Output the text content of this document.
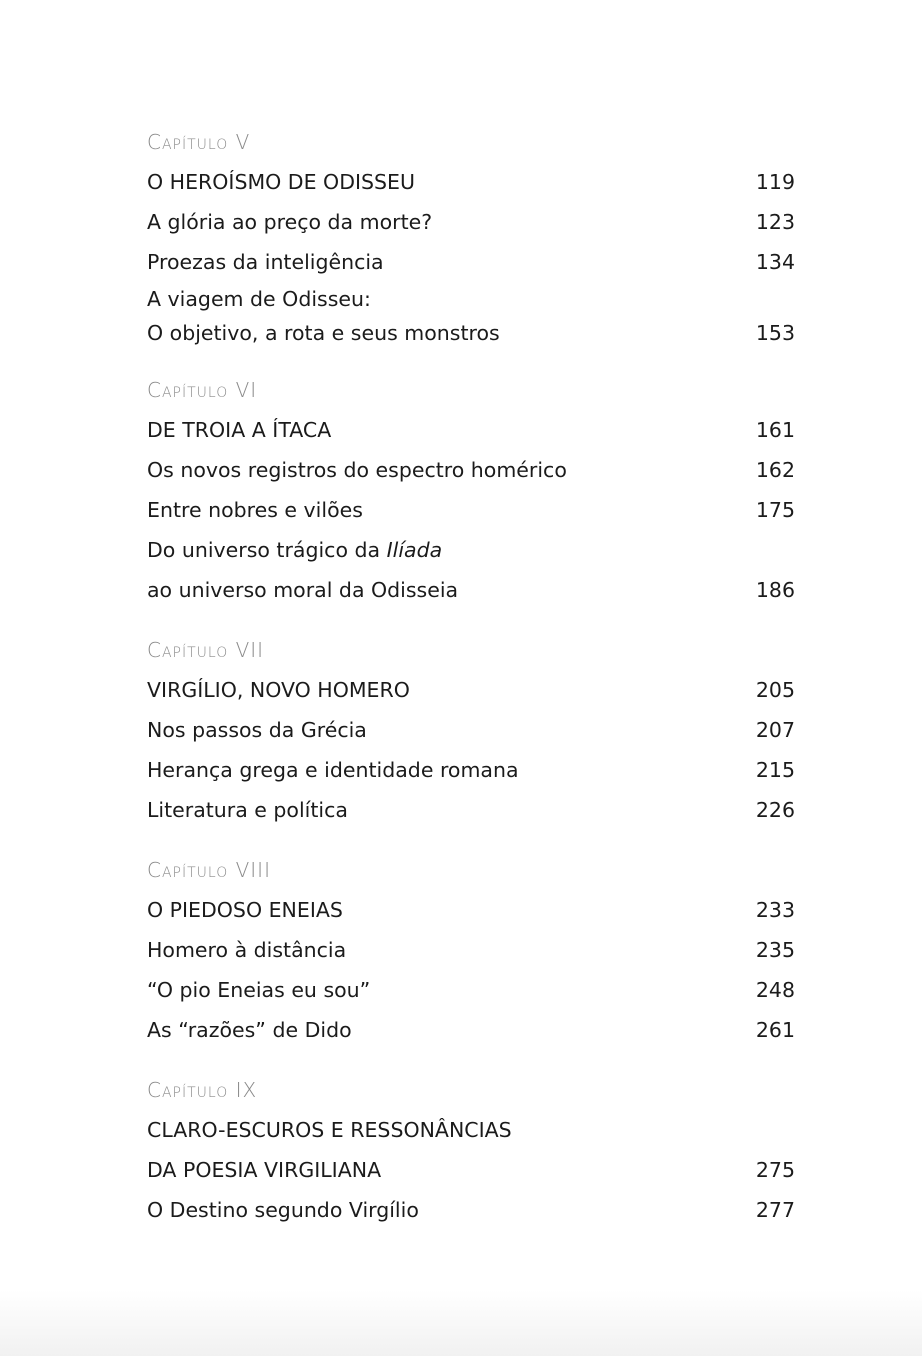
Capítulo V
O HEROÍSMO DE ODISSEU	119
A glória ao preço da morte?	123
Proezas da inteligência	134
A viagem de Odisseu:
O objetivo, a rota e seus monstros	153
Capítulo VI
DE TROIA A ÍTACA	161
Os novos registros do espectro homérico	162
Entre nobres e vilões	175
Do universo trágico da Ilíada
ao universo moral da Odisseia	186
Capítulo VII
VIRGÍLIO, NOVO HOMERO	205
Nos passos da Grécia	207
Herança grega e identidade romana	215
Literatura e política	226
Capítulo VIII
O PIEDOSO ENEIAS	233
Homero à distância	235
“O pio Eneias eu sou”	248
As “razões” de Dido	261
Capítulo IX
CLARO-ESCUROS E RESSONÂNCIAS
DA POESIA VIRGILIANA	275
O Destino segundo Virgílio	277
